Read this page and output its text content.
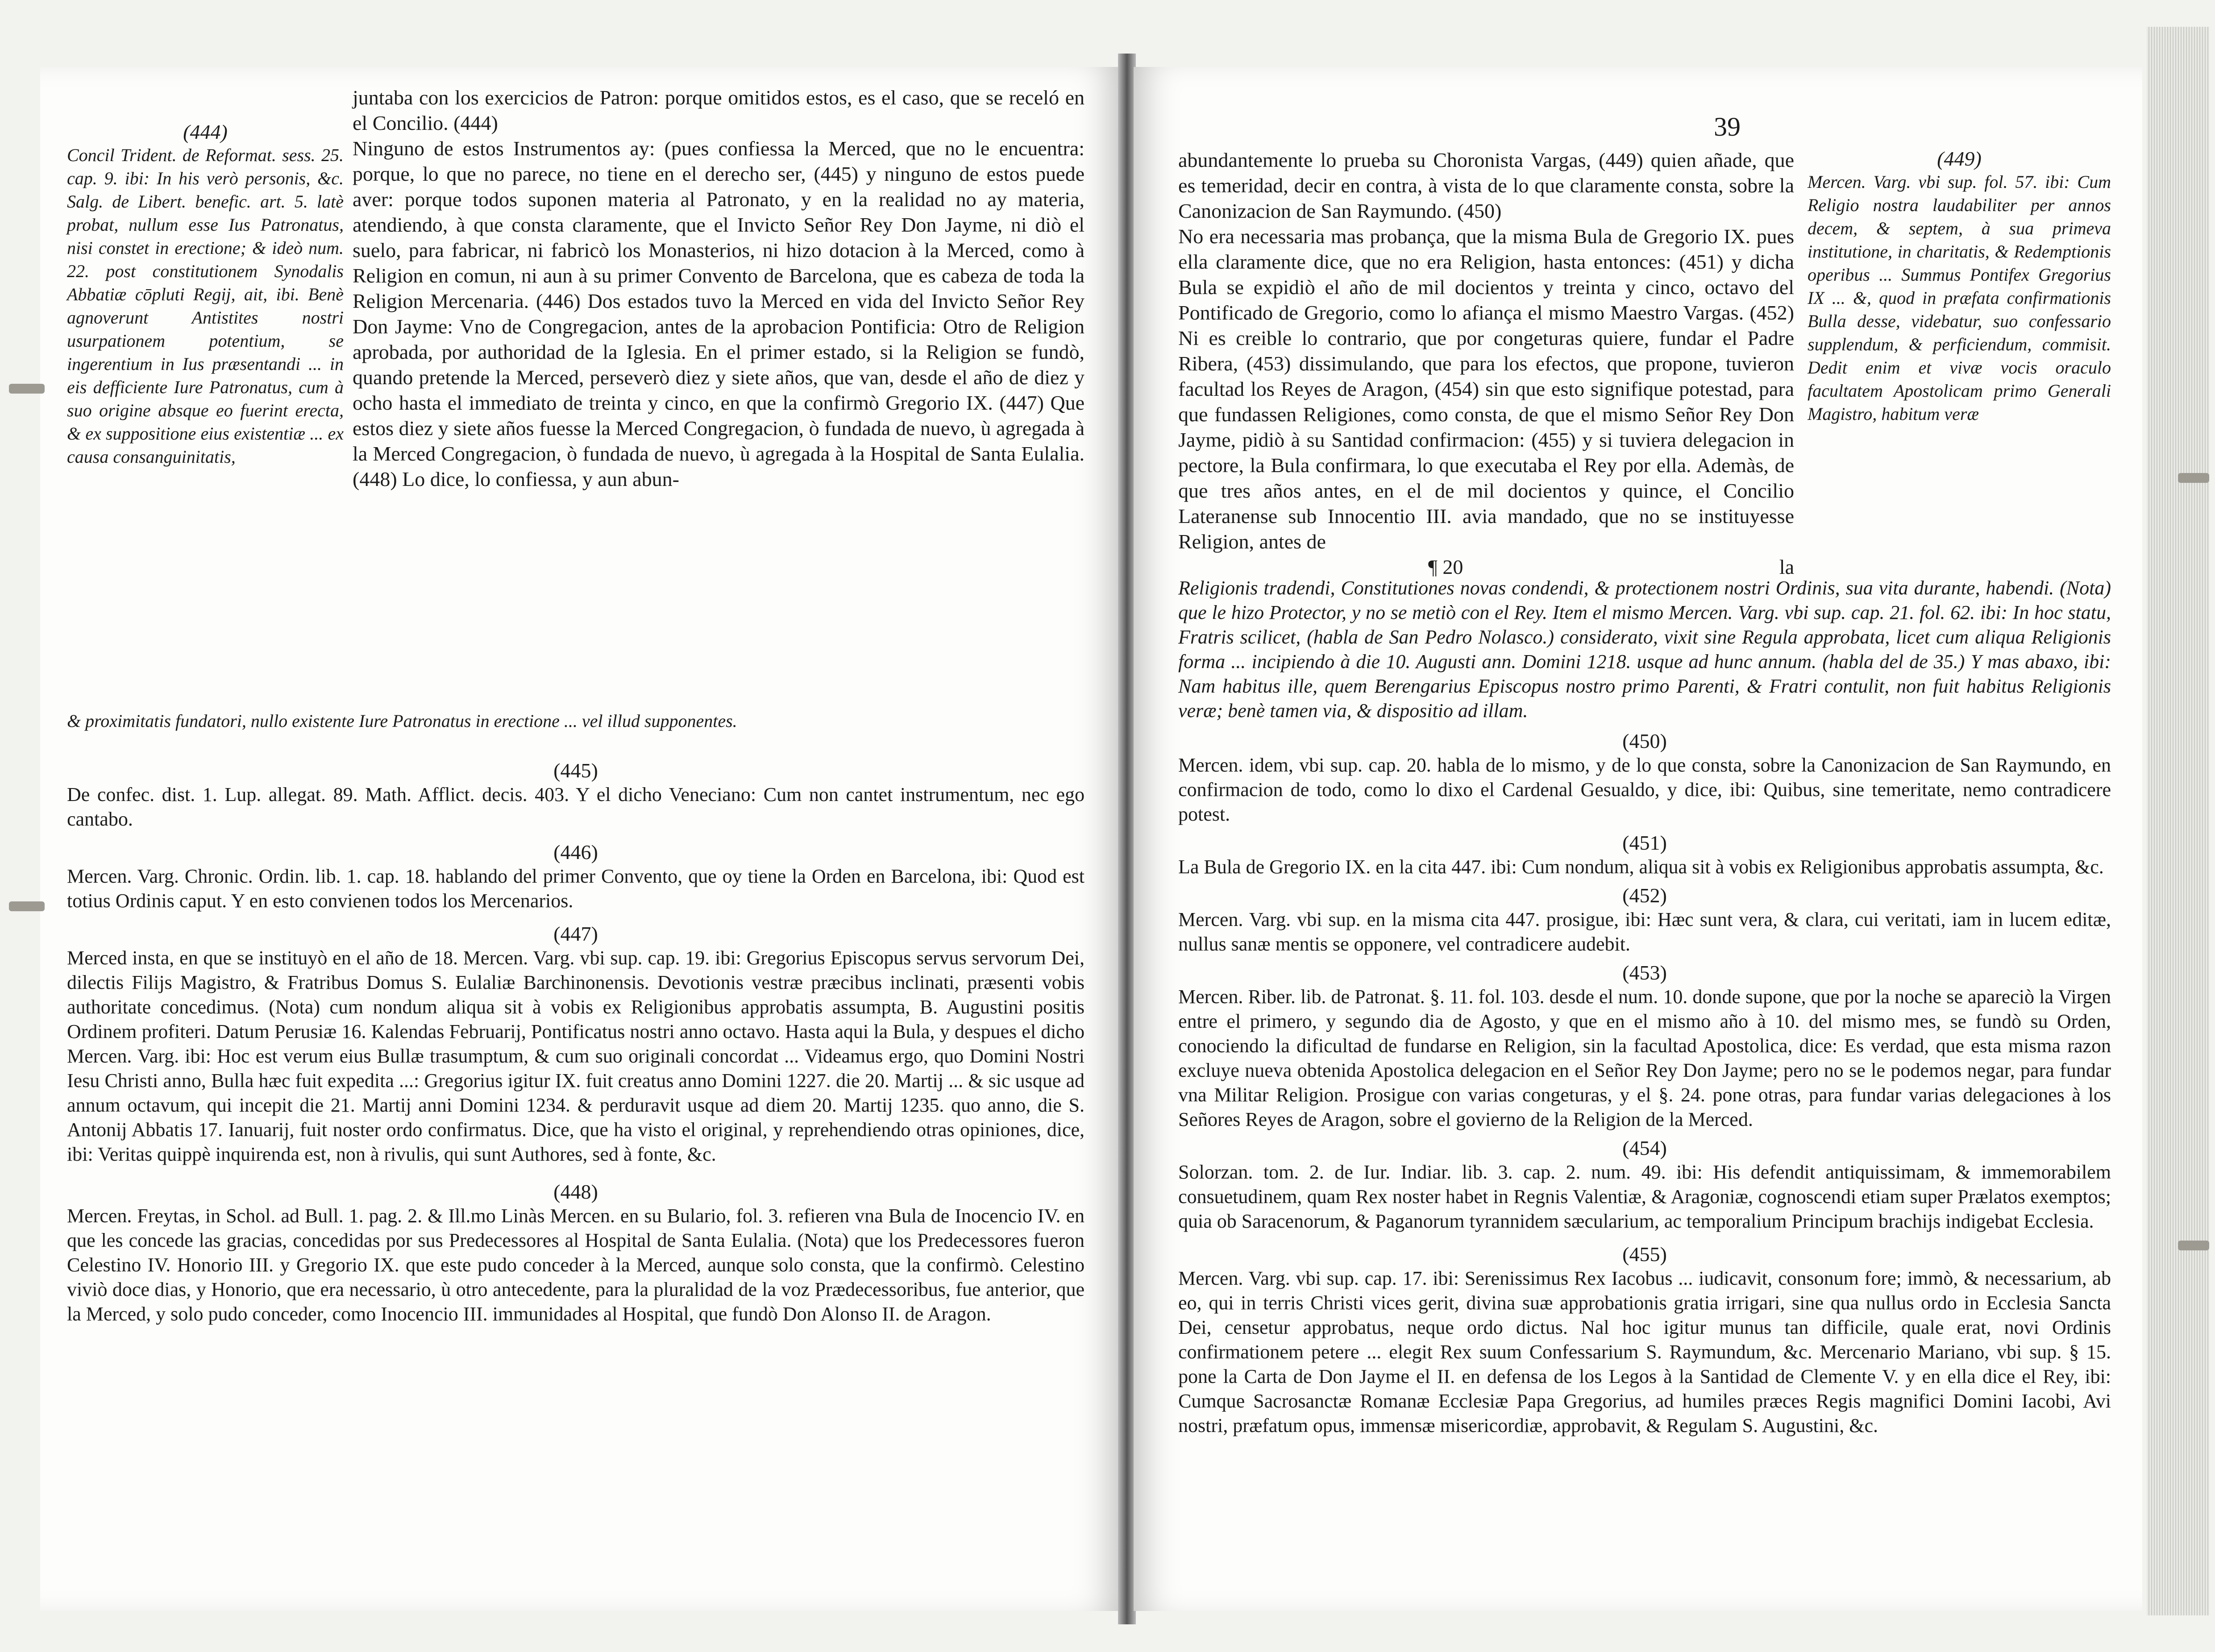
(444)

Concil Trident. de Reformat. sess. 25. cap. 9. ibi: In his verò personis, &c. Salg. de Libert. benefic. art. 5. latè probat, nullum esse Ius Patronatus, nisi constet in erectione; & ideò num. 22. post constitutionem Synodalis Abbatiæ cōpluti Regij, ait, ibi. Benè agnoverunt Antistites nostri usurpationem potentium, se ingerentium in Ius præsentandi ... in eis defficiente Iure Patronatus, cum à suo origine absque eo fuerint erecta, & ex suppositione eius existentiæ ... ex causa consanguinitatis,

juntaba con los exercicios de Patron: porque omitidos estos, es el caso, que se receló en el Concilio. (444)
Ninguno de estos Instrumentos ay: (pues confiessa la Merced, que no le encuentra: porque, lo que no parece, no tiene en el derecho ser, (445) y ninguno de estos puede aver: porque todos suponen materia al Patronato, y en la realidad no ay materia, atendiendo, à que consta claramente, que el Invicto Señor Rey Don Jayme, ni diò el suelo, para fabricar, ni fabricò los Monasterios, ni hizo dotacion à la Merced, como à Religion en comun, ni aun à su primer Convento de Barcelona, que es cabeza de toda la Religion Mercenaria. (446) Dos estados tuvo la Merced en vida del Invicto Señor Rey Don Jayme: Vno de Congregacion, antes de la aprobacion Pontificia: Otro de Religion aprobada, por authoridad de la Iglesia. En el primer estado, si la Religion se fundò, quando pretende la Merced, perseverò diez y siete años, que van, desde el año de diez y ocho hasta el immediato de treinta y cinco, en que la confirmò Gregorio IX. (447) Que estos diez y siete años fuesse la Merced Congregacion, ò fundada de nuevo, ù agregada à la Merced Congregacion, ò fundada de nuevo, ù agregada à la Hospital de Santa Eulalia. (448) Lo dice, lo confiessa, y aun abun-

& proximitatis fundatori, nullo existente Iure Patronatus in erectione ... vel illud supponentes.

(445)

De confec. dist. 1. Lup. allegat. 89. Math. Afflict. decis. 403. Y el dicho Veneciano: Cum non cantet instrumentum, nec ego cantabo.

(446)

Mercen. Varg. Chronic. Ordin. lib. 1. cap. 18. hablando del primer Convento, que oy tiene la Orden en Barcelona, ibi: Quod est totius Ordinis caput. Y en esto convienen todos los Mercenarios.

(447)

Merced insta, en que se instituyò en el año de 18. Mercen. Varg. vbi sup. cap. 19. ibi: Gregorius Episcopus servus servorum Dei, dilectis Filijs Magistro, & Fratribus Domus S. Eulaliæ Barchinonensis. Devotionis vestræ præcibus inclinati, præsenti vobis authoritate concedimus. (Nota) cum nondum aliqua sit à vobis ex Religionibus approbatis assumpta, B. Augustini positis Ordinem profiteri. Datum Perusiæ 16. Kalendas Februarij, Pontificatus nostri anno octavo. Hasta aqui la Bula, y despues el dicho Mercen. Varg. ibi: Hoc est verum eius Bullæ trasumptum, & cum suo originali concordat ... Videamus ergo, quo Domini Nostri Iesu Christi anno, Bulla hæc fuit expedita ...: Gregorius igitur IX. fuit creatus anno Domini 1227. die 20. Martij ... & sic usque ad annum octavum, qui incepit die 21. Martij anni Domini 1234. & perduravit usque ad diem 20. Martij 1235. quo anno, die S. Antonij Abbatis 17. Ianuarij, fuit noster ordo confirmatus. Dice, que ha visto el original, y reprehendiendo otras opiniones, dice, ibi: Veritas quippè inquirenda est, non à rivulis, qui sunt Authores, sed à fonte, &c.

(448)

Mercen. Freytas, in Schol. ad Bull. 1. pag. 2. & Ill.mo Linàs Mercen. en su Bulario, fol. 3. refieren vna Bula de Inocencio IV. en que les concede las gracias, concedidas por sus Predecessores al Hospital de Santa Eulalia. (Nota) que los Predecessores fueron Celestino IV. Honorio III. y Gregorio IX. que este pudo conceder à la Merced, aunque solo consta, que la confirmò. Celestino viviò doce dias, y Honorio, que era necessario, ù otro antecedente, para la pluralidad de la voz Prædecessoribus, fue anterior, que la Merced, y solo pudo conceder, como Inocencio III. immunidades al Hospital, que fundò Don Alonso II. de Aragon.

39

abundantemente lo prueba su Choronista Vargas, (449) quien añade, que es temeridad, decir en contra, à vista de lo que claramente consta, sobre la Canonizacion de San Raymundo. (450)
No era necessaria mas probança, que la misma Bula de Gregorio IX. pues ella claramente dice, que no era Religion, hasta entonces: (451) y dicha Bula se expidiò el año de mil docientos y treinta y cinco, octavo del Pontificado de Gregorio, como lo afiança el mismo Maestro Vargas. (452) Ni es creible lo contrario, que por congeturas quiere, fundar el Padre Ribera, (453) dissimulando, que para los efectos, que propone, tuvieron facultad los Reyes de Aragon, (454) sin que esto signifique potestad, para que fundassen Religiones, como consta, de que el mismo Señor Rey Don Jayme, pidiò à su Santidad confirmacion: (455) y si tuviera delegacion in pectore, la Bula confirmara, lo que executaba el Rey por ella. Ademàs, de que tres años antes, en el de mil docientos y quince, el Concilio Lateranense sub Innocentio III. avia mandado, que no se instituyesse Religion, antes de

¶ 20	la

(449)

Mercen. Varg. vbi sup. fol. 57. ibi: Cum Religio nostra laudabiliter per annos decem, & septem, à sua primeva institutione, in charitatis, & Redemptionis operibus ... Summus Pontifex Gregorius IX ... &, quod in præfata confirmationis Bulla desse, videbatur, suo confessario supplendum, & perficiendum, commisit. Dedit enim et vivæ vocis oraculo facultatem Apostolicam primo Generali Magistro, habitum veræ

Religionis tradendi, Constitutiones novas condendi, & protectionem nostri Ordinis, sua vita durante, habendi. (Nota) que le hizo Protector, y no se metiò con el Rey. Item el mismo Mercen. Varg. vbi sup. cap. 21. fol. 62. ibi: In hoc statu, Fratris scilicet, (habla de San Pedro Nolasco.) considerato, vixit sine Regula approbata, licet cum aliqua Religionis forma ... incipiendo à die 10. Augusti ann. Domini 1218. usque ad hunc annum. (habla del de 35.) Y mas abaxo, ibi: Nam habitus ille, quem Berengarius Episcopus nostro primo Parenti, & Fratri contulit, non fuit habitus Religionis veræ; benè tamen via, & dispositio ad illam.

(450)

Mercen. idem, vbi sup. cap. 20. habla de lo mismo, y de lo que consta, sobre la Canonizacion de San Raymundo, en confirmacion de todo, como lo dixo el Cardenal Gesualdo, y dice, ibi: Quibus, sine temeritate, nemo contradicere potest.

(451)

La Bula de Gregorio IX. en la cita 447. ibi: Cum nondum, aliqua sit à vobis ex Religionibus approbatis assumpta, &c.

(452)

Mercen. Varg. vbi sup. en la misma cita 447. prosigue, ibi: Hæc sunt vera, & clara, cui veritati, iam in lucem editæ, nullus sanæ mentis se opponere, vel contradicere audebit.

(453)

Mercen. Riber. lib. de Patronat. §. 11. fol. 103. desde el num. 10. donde supone, que por la noche se apareciò la Virgen entre el primero, y segundo dia de Agosto, y que en el mismo año à 10. del mismo mes, se fundò su Orden, conociendo la dificultad de fundarse en Religion, sin la facultad Apostolica, dice: Es verdad, que esta misma razon excluye nueva obtenida Apostolica delegacion en el Señor Rey Don Jayme; pero no se le podemos negar, para fundar vna Militar Religion. Prosigue con varias congeturas, y el §. 24. pone otras, para fundar varias delegaciones à los Señores Reyes de Aragon, sobre el govierno de la Religion de la Merced.

(454)

Solorzan. tom. 2. de Iur. Indiar. lib. 3. cap. 2. num. 49. ibi: His defendit antiquissimam, & immemorabilem consuetudinem, quam Rex noster habet in Regnis Valentiæ, & Aragoniæ, cognoscendi etiam super Prælatos exemptos; quia ob Saracenorum, & Paganorum tyrannidem sæcularium, ac temporalium Principum brachijs indigebat Ecclesia.

(455)

Mercen. Varg. vbi sup. cap. 17. ibi: Serenissimus Rex Iacobus ... iudicavit, consonum fore; immò, & necessarium, ab eo, qui in terris Christi vices gerit, divina suæ approbationis gratia irrigari, sine qua nullus ordo in Ecclesia Sancta Dei, censetur approbatus, neque ordo dictus. Nal hoc igitur munus tan difficile, quale erat, novi Ordinis confirmationem petere ... elegit Rex suum Confessarium S. Raymundum, &c. Mercenario Mariano, vbi sup. § 15. pone la Carta de Don Jayme el II. en defensa de los Legos à la Santidad de Clemente V. y en ella dice el Rey, ibi: Cumque Sacrosanctæ Romanæ Ecclesiæ Papa Gregorius, ad humiles præces Regis magnifici Domini Iacobi, Avi nostri, præfatum opus, immensæ misericordiæ, approbavit, & Regulam S. Augustini, &c.
